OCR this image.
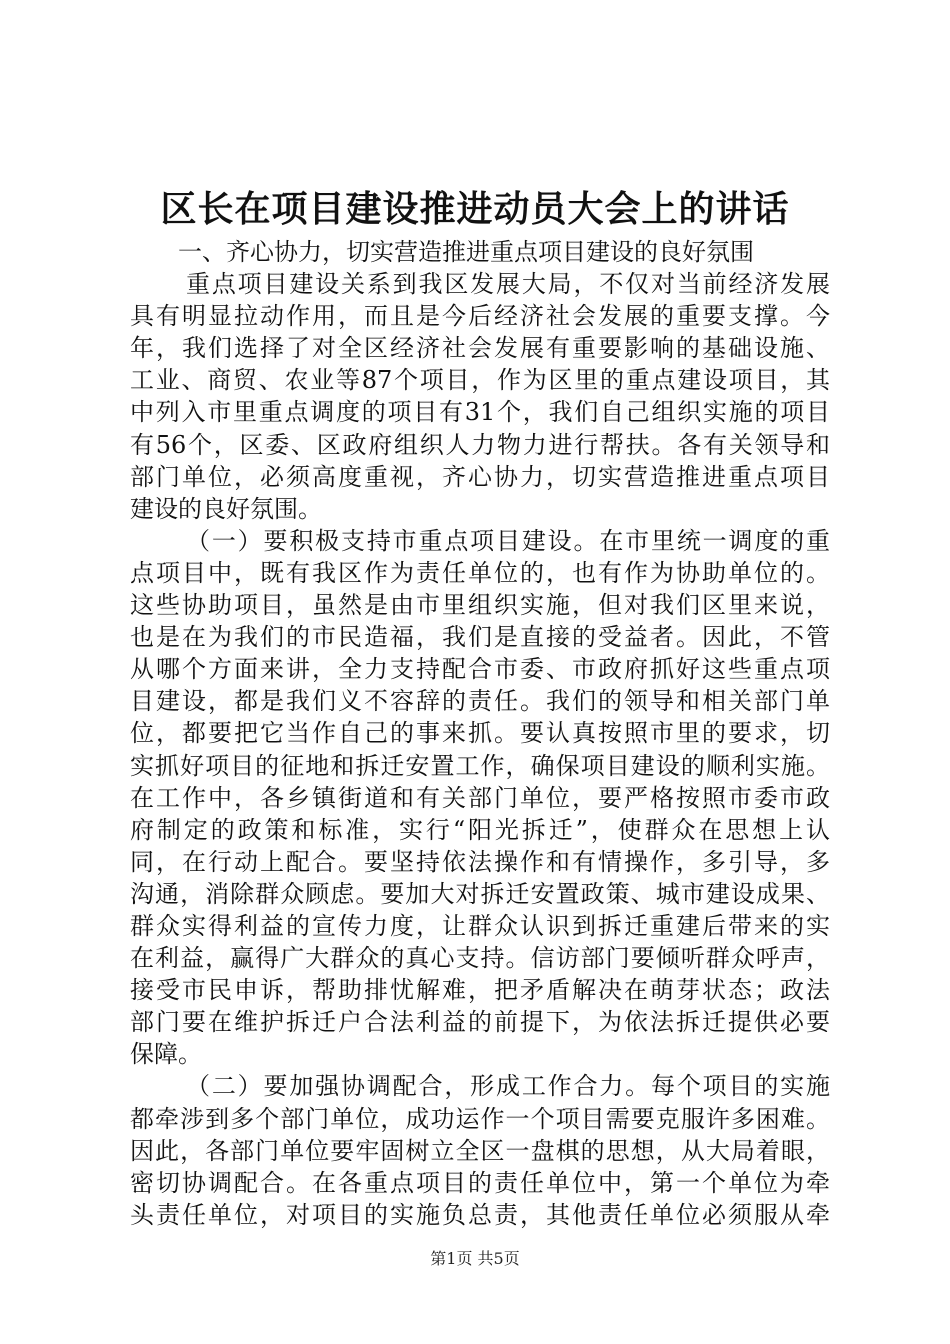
区长在项目建设推进动员大会上的讲话
一、齐心协力，切实营造推进重点项目建设的良好氛围
重点项目建设关系到我区发展大局，不仅对当前经济发展
具有明显拉动作用，而且是今后经济社会发展的重要支撑。今
年，我们选择了对全区经济社会发展有重要影响的基础设施、
工业、商贸、农业等87个项目，作为区里的重点建设项目，其
中列入市里重点调度的项目有31个，我们自己组织实施的项目
有56个，区委、区政府组织人力物力进行帮扶。各有关领导和
部门单位，必须高度重视，齐心协力，切实营造推进重点项目
建设的良好氛围。
（一）要积极支持市重点项目建设。在市里统一调度的重
点项目中，既有我区作为责任单位的，也有作为协助单位的。
这些协助项目，虽然是由市里组织实施，但对我们区里来说，
也是在为我们的市民造福，我们是直接的受益者。因此，不管
从哪个方面来讲，全力支持配合市委、市政府抓好这些重点项
目建设，都是我们义不容辞的责任。我们的领导和相关部门单
位，都要把它当作自己的事来抓。要认真按照市里的要求，切
实抓好项目的征地和拆迁安置工作，确保项目建设的顺利实施。
在工作中，各乡镇街道和有关部门单位，要严格按照市委市政
府制定的政策和标准，实行“阳光拆迁”，使群众在思想上认
同，在行动上配合。要坚持依法操作和有情操作，多引导，多
沟通，消除群众顾虑。要加大对拆迁安置政策、城市建设成果、
群众实得利益的宣传力度，让群众认识到拆迁重建后带来的实
在利益，赢得广大群众的真心支持。信访部门要倾听群众呼声，
接受市民申诉，帮助排忧解难，把矛盾解决在萌芽状态；政法
部门要在维护拆迁户合法利益的前提下，为依法拆迁提供必要
保障。
（二）要加强协调配合，形成工作合力。每个项目的实施
都牵涉到多个部门单位，成功运作一个项目需要克服许多困难。
因此，各部门单位要牢固树立全区一盘棋的思想，从大局着眼，
密切协调配合。在各重点项目的责任单位中，第一个单位为牵
头责任单位，对项目的实施负总责，其他责任单位必须服从牵
第1页 共5页
